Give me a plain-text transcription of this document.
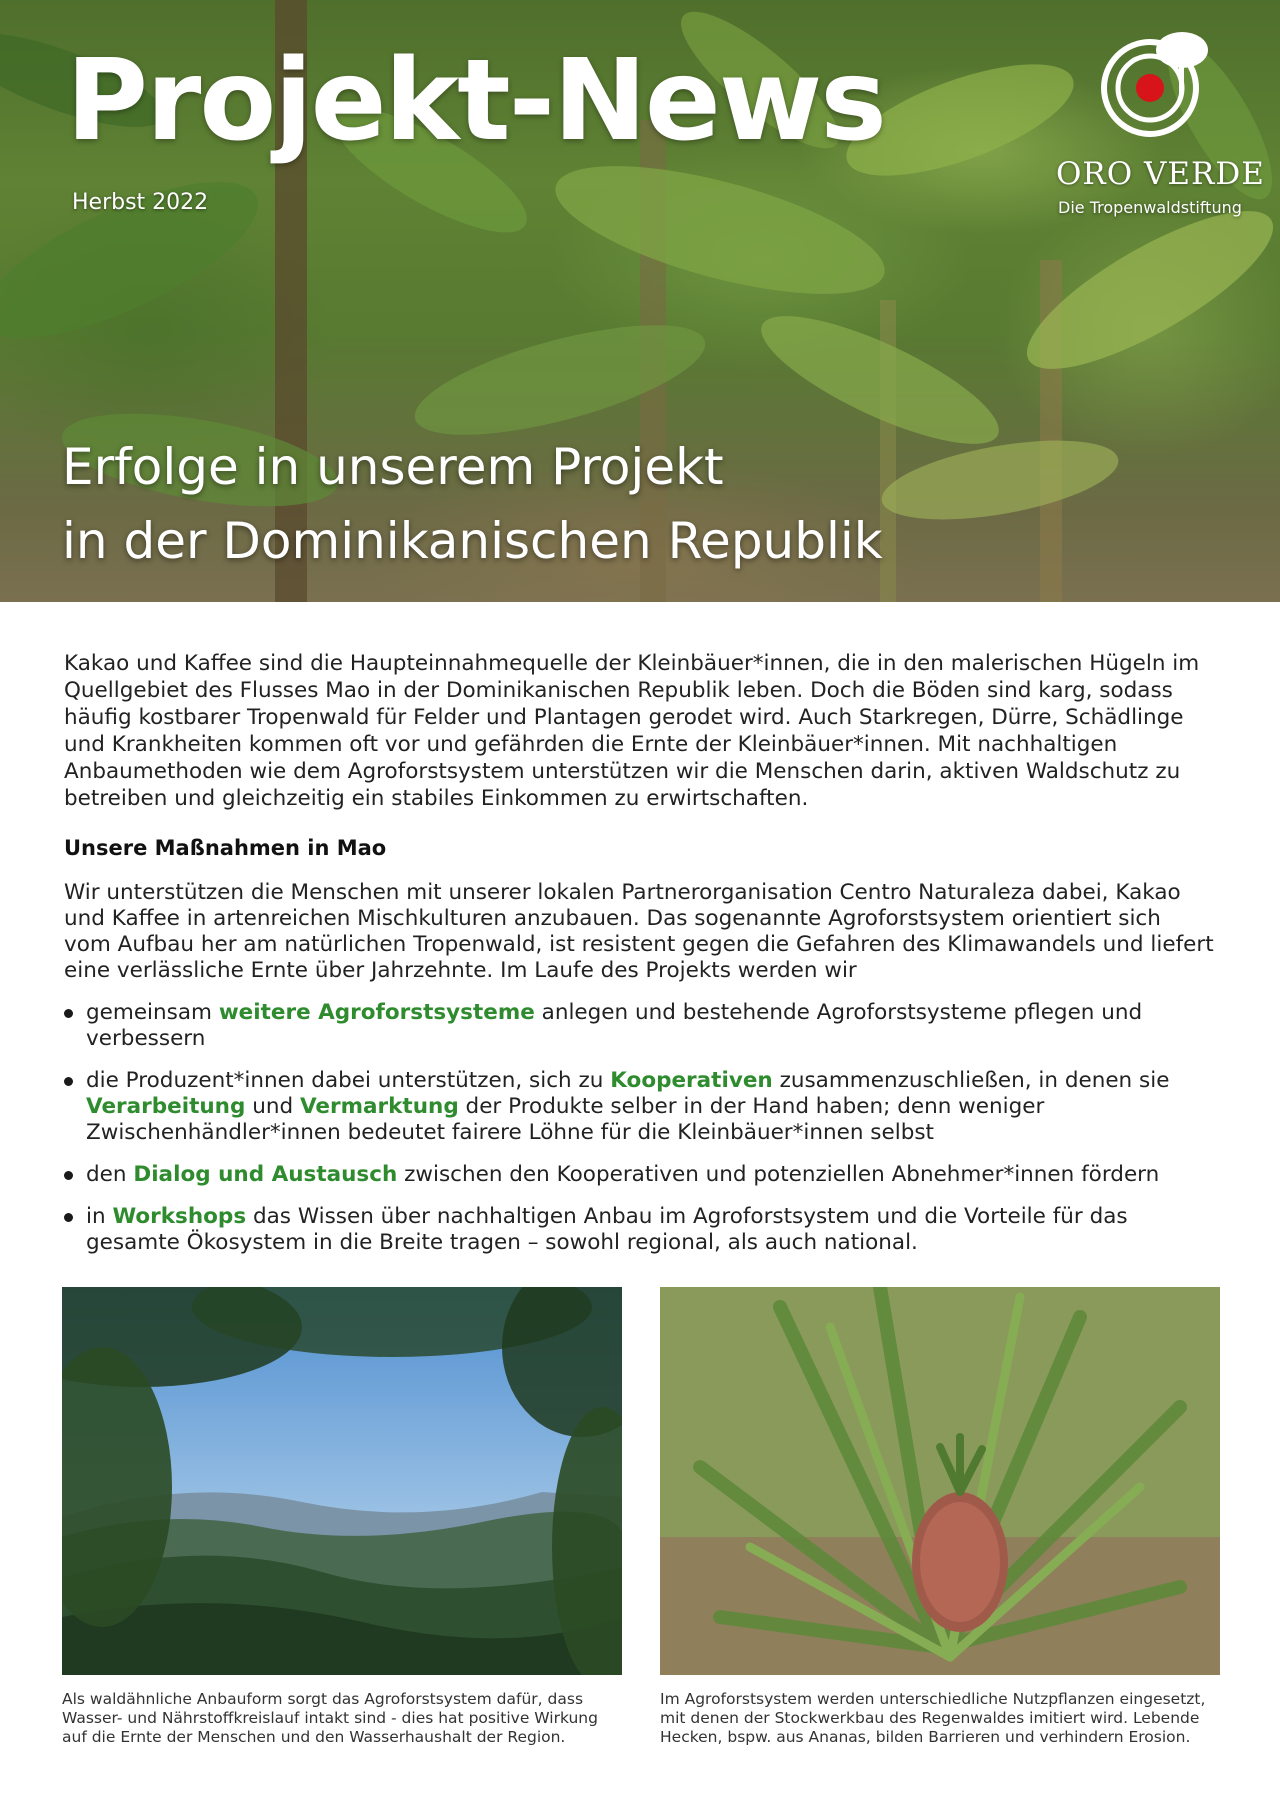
Projekt-News
Herbst 2022
Erfolge in unserem Projekt
in der Dominikanischen Republik
ORO VERDE
Die Tropenwaldstiftung

Kakao und Kaffee sind die Haupteinnahmequelle der Kleinbäuer*innen, die in den malerischen Hügeln im Quellgebiet des Flusses Mao in der Dominikanischen Republik leben. Doch die Böden sind karg, sodass häufig kostbarer Tropenwald für Felder und Plantagen gerodet wird. Auch Starkregen, Dürre, Schädlinge und Krankheiten kommen oft vor und gefährden die Ernte der Kleinbäuer*innen. Mit nachhaltigen Anbaumethoden wie dem Agroforstsystem unterstützen wir die Menschen darin, aktiven Waldschutz zu betreiben und gleichzeitig ein stabiles Einkommen zu erwirtschaften.

Unsere Maßnahmen in Mao

Wir unterstützen die Menschen mit unserer lokalen Partnerorganisation Centro Naturaleza dabei, Kakao und Kaffee in artenreichen Mischkulturen anzubauen. Das sogenannte Agroforstsystem orientiert sich vom Aufbau her am natürlichen Tropenwald, ist resistent gegen die Gefahren des Klimawandels und liefert eine verlässliche Ernte über Jahrzehnte. Im Laufe des Projekts werden wir

gemeinsam weitere Agroforstsysteme anlegen und bestehende Agroforstsysteme pflegen und verbessern
die Produzent*innen dabei unterstützen, sich zu Kooperativen zusammenzuschließen, in denen sie Verarbeitung und Vermarktung der Produkte selber in der Hand haben; denn weniger Zwischenhändler*innen bedeutet fairere Löhne für die Kleinbäuer*innen selbst
den Dialog und Austausch zwischen den Kooperativen und potenziellen Abnehmer*innen fördern
in Workshops das Wissen über nachhaltigen Anbau im Agroforstsystem und die Vorteile für das gesamte Ökosystem in die Breite tragen – sowohl regional, als auch national.

Als waldähnliche Anbauform sorgt das Agroforstsystem dafür, dass Wasser- und Nährstoffkreislauf intakt sind - dies hat positive Wirkung auf die Ernte der Menschen und den Wasserhaushalt der Region.

Im Agroforstsystem werden unterschiedliche Nutzpflanzen eingesetzt, mit denen der Stockwerkbau des Regenwaldes imitiert wird. Lebende Hecken, bspw. aus Ananas, bilden Barrieren und verhindern Erosion.
